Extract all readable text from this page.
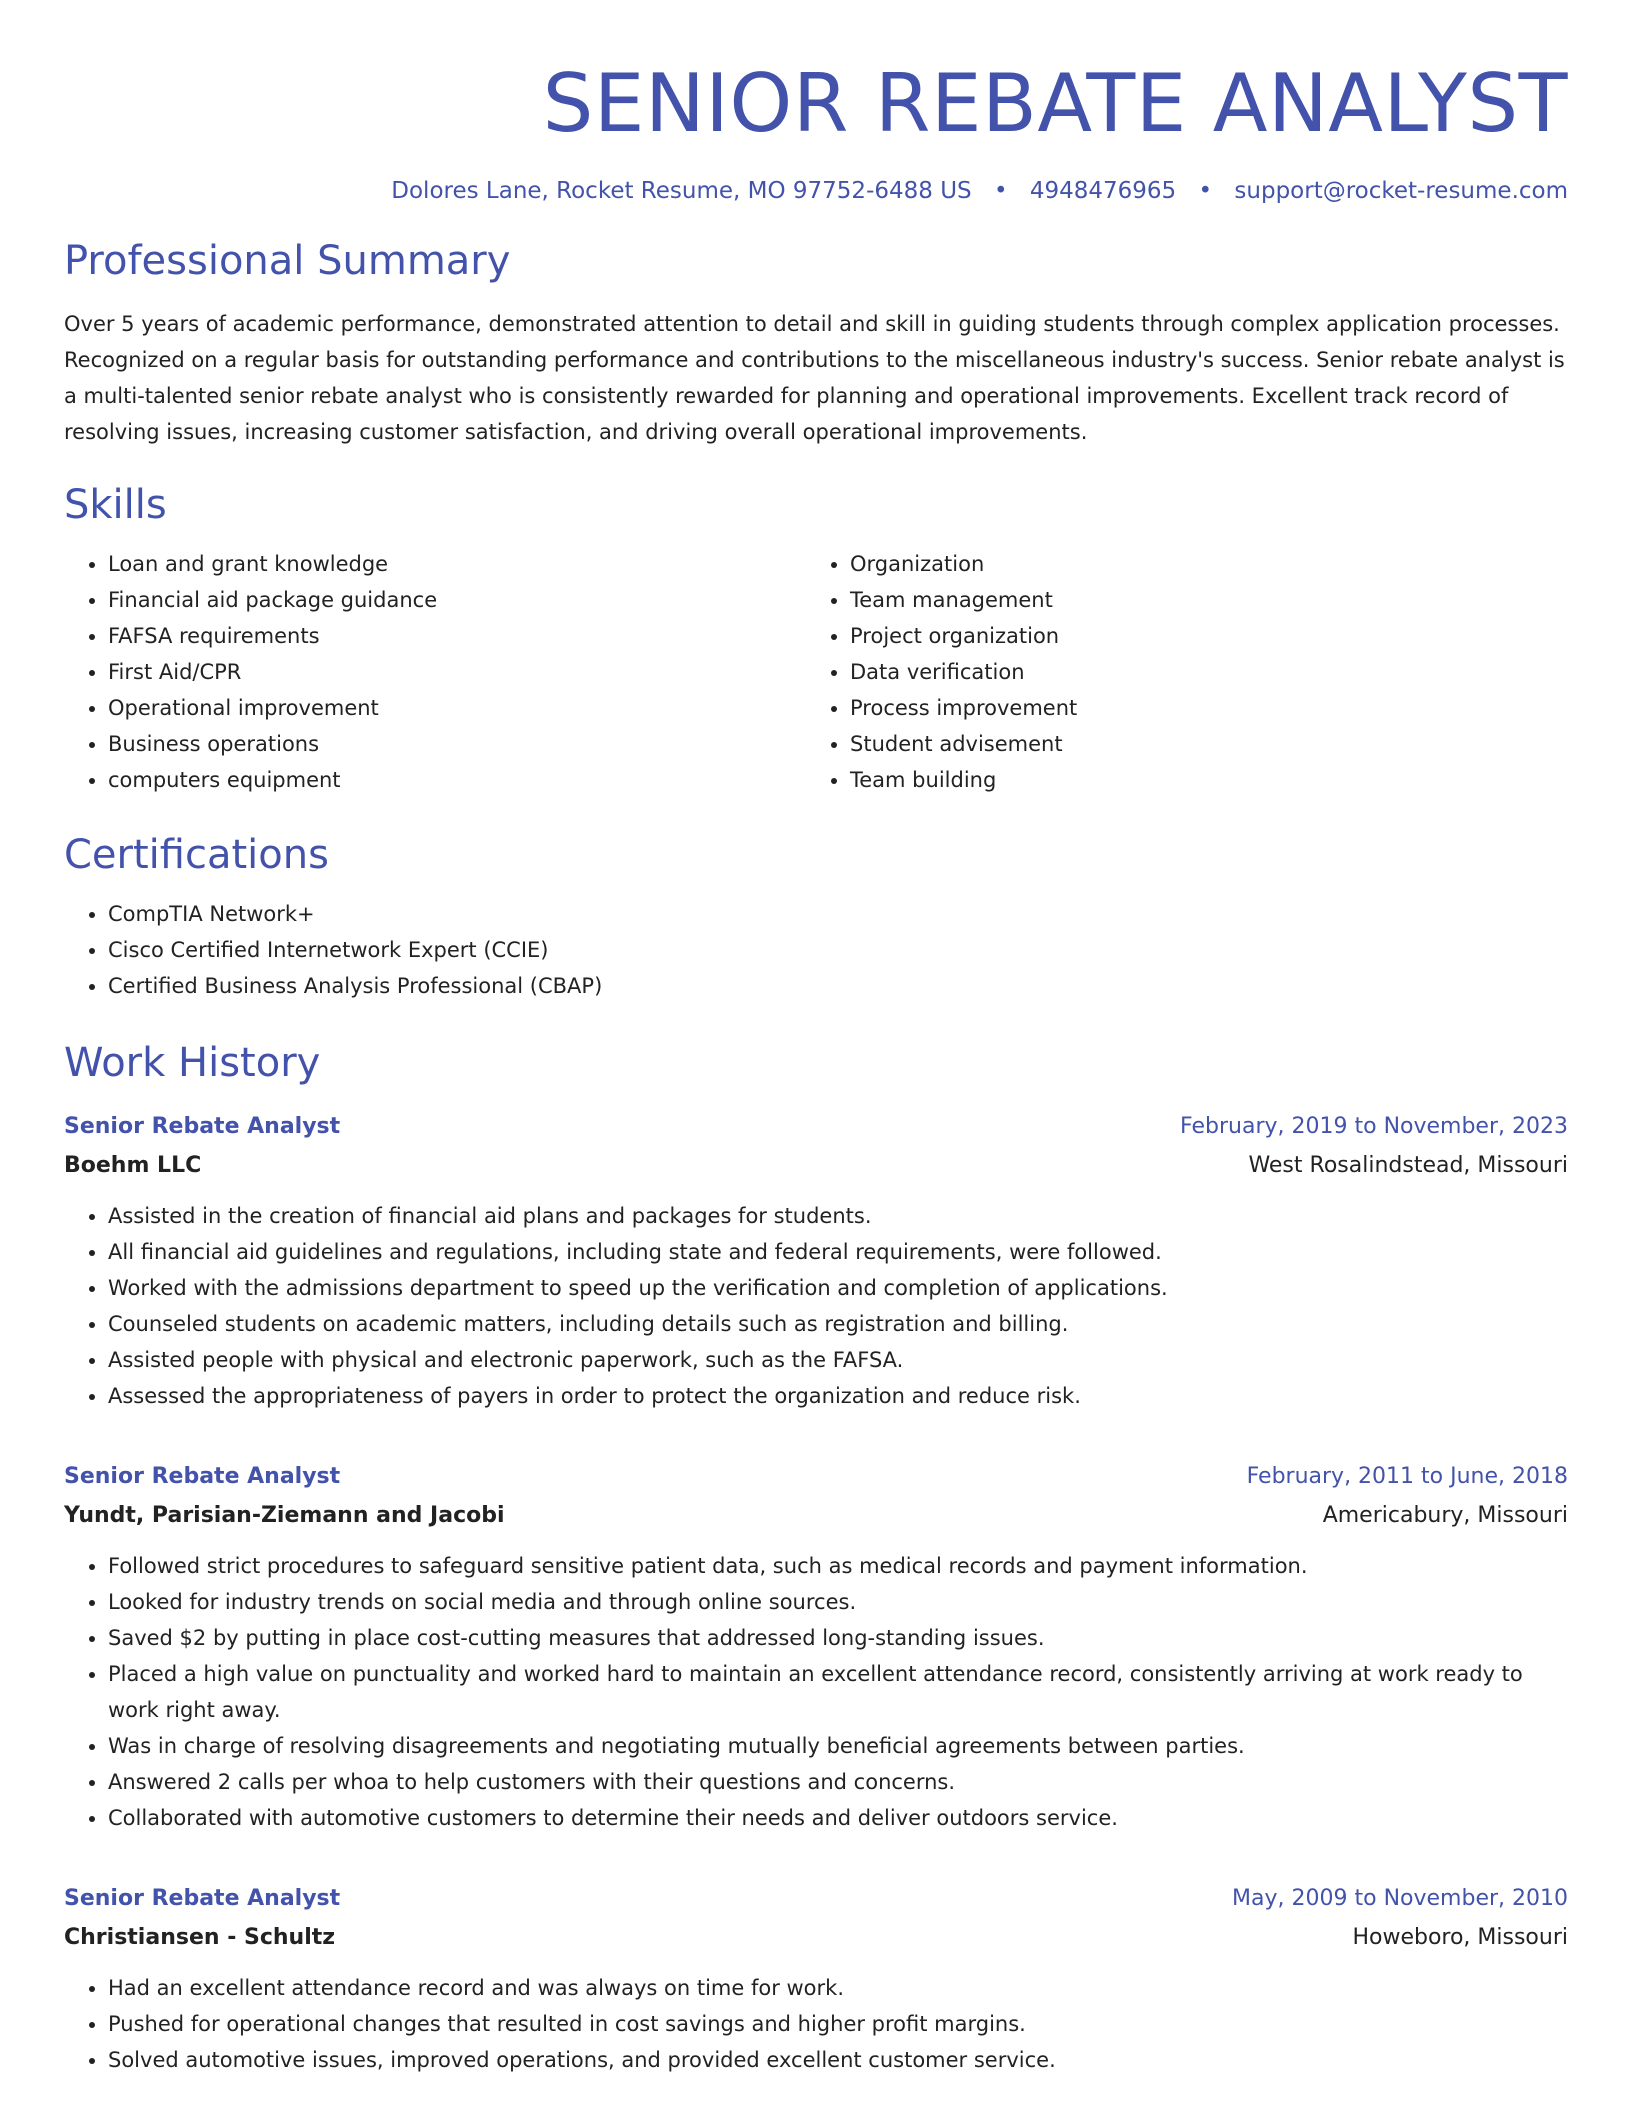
SENIOR REBATE ANALYST
Dolores Lane, Rocket Resume, MO 97752-6488 US • 4948476965 • support@rocket-resume.com
Professional Summary

Over 5 years of academic performance, demonstrated attention to detail and skill in guiding students through complex application processes. Recognized on a regular basis for outstanding performance and contributions to the miscellaneous industry's success. Senior rebate analyst is a multi-talented senior rebate analyst who is consistently rewarded for planning and operational improvements. Excellent track record of resolving issues, increasing customer satisfaction, and driving overall operational improvements.

Skills
• Loan and grant knowledge
• Financial aid package guidance
• FAFSA requirements
• First Aid/CPR
• Operational improvement
• Business operations
• computers equipment
• Organization
• Team management
• Project organization
• Data verification
• Process improvement
• Student advisement
• Team building
Certifications
• CompTIA Network+
• Cisco Certified Internetwork Expert (CCIE)
• Certified Business Analysis Professional (CBAP)
Work History
Senior Rebate Analyst	February, 2019 to November, 2023
Boehm LLC	West Rosalindstead, Missouri
• Assisted in the creation of financial aid plans and packages for students.
• All financial aid guidelines and regulations, including state and federal requirements, were followed.
• Worked with the admissions department to speed up the verification and completion of applications.
• Counseled students on academic matters, including details such as registration and billing.
• Assisted people with physical and electronic paperwork, such as the FAFSA.
• Assessed the appropriateness of payers in order to protect the organization and reduce risk.
Senior Rebate Analyst	February, 2011 to June, 2018
Yundt, Parisian-Ziemann and Jacobi	Americabury, Missouri
• Followed strict procedures to safeguard sensitive patient data, such as medical records and payment information.
• Looked for industry trends on social media and through online sources.
• Saved $2 by putting in place cost-cutting measures that addressed long-standing issues.
• Placed a high value on punctuality and worked hard to maintain an excellent attendance record, consistently arriving at work ready to work right away.
• Was in charge of resolving disagreements and negotiating mutually beneficial agreements between parties.
• Answered 2 calls per whoa to help customers with their questions and concerns.
• Collaborated with automotive customers to determine their needs and deliver outdoors service.
Senior Rebate Analyst	May, 2009 to November, 2010
Christiansen - Schultz	Howeboro, Missouri
• Had an excellent attendance record and was always on time for work.
• Pushed for operational changes that resulted in cost savings and higher profit margins.
• Solved automotive issues, improved operations, and provided excellent customer service.
